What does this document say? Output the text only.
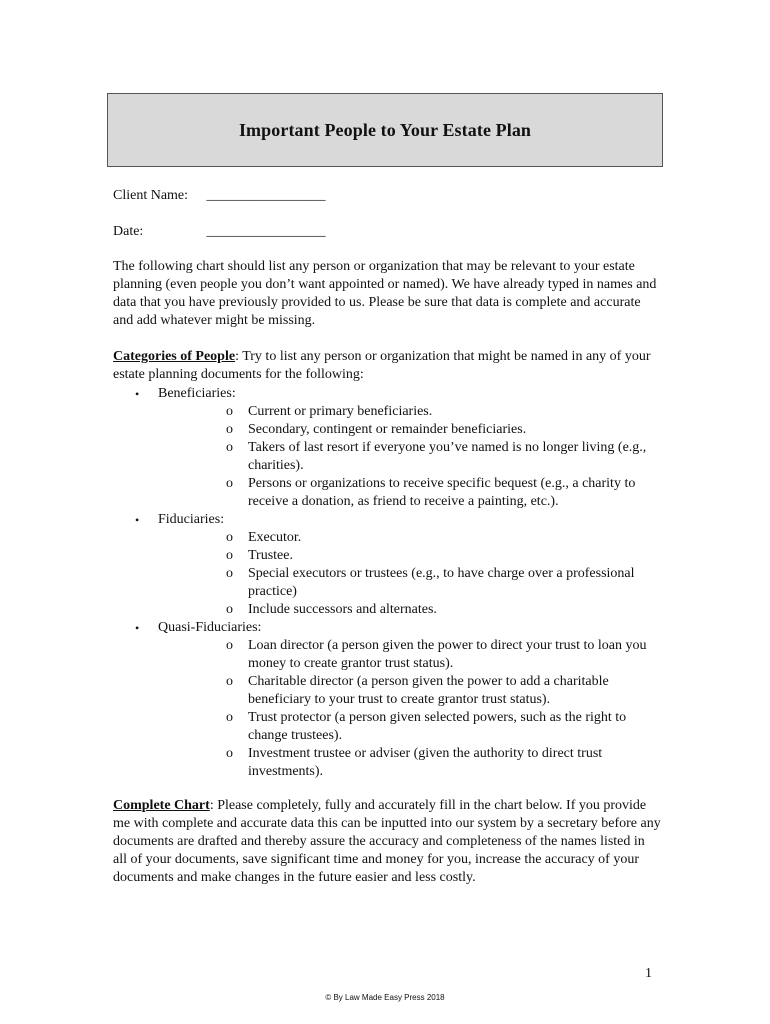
Important People to Your Estate Plan
Client Name: _________________
Date:	_________________

The following chart should list any person or organization that may be relevant to your estate planning (even people you don’t want appointed or named). We have already typed in names and data that you have previously provided to us. Please be sure that data is complete and accurate and add whatever might be missing.

Categories of People: Try to list any person or organization that might be named in any of your estate planning documents for the following:

• Beneficiaries:
o Current or primary beneficiaries.
o Secondary, contingent or remainder beneficiaries.
o Takers of last resort if everyone you’ve named is no longer living (e.g., charities).
o Persons or organizations to receive specific bequest (e.g., a charity to receive a donation, as friend to receive a painting, etc.).
• Fiduciaries:
o Executor.
o Trustee.
o Special executors or trustees (e.g., to have charge over a professional practice)
o Include successors and alternates.
• Quasi-Fiduciaries:
o Loan director (a person given the power to direct your trust to loan you money to create grantor trust status).
o Charitable director (a person given the power to add a charitable beneficiary to your trust to create grantor trust status).
o Trust protector (a person given selected powers, such as the right to change trustees).
o Investment trustee or adviser (given the authority to direct trust investments).

Complete Chart: Please completely, fully and accurately fill in the chart below. If you provide me with complete and accurate data this can be inputted into our system by a secretary before any documents are drafted and thereby assure the accuracy and completeness of the names listed in all of your documents, save significant time and money for you, increase the accuracy of your documents and make changes in the future easier and less costly.

1
© By Law Made Easy Press 2018
